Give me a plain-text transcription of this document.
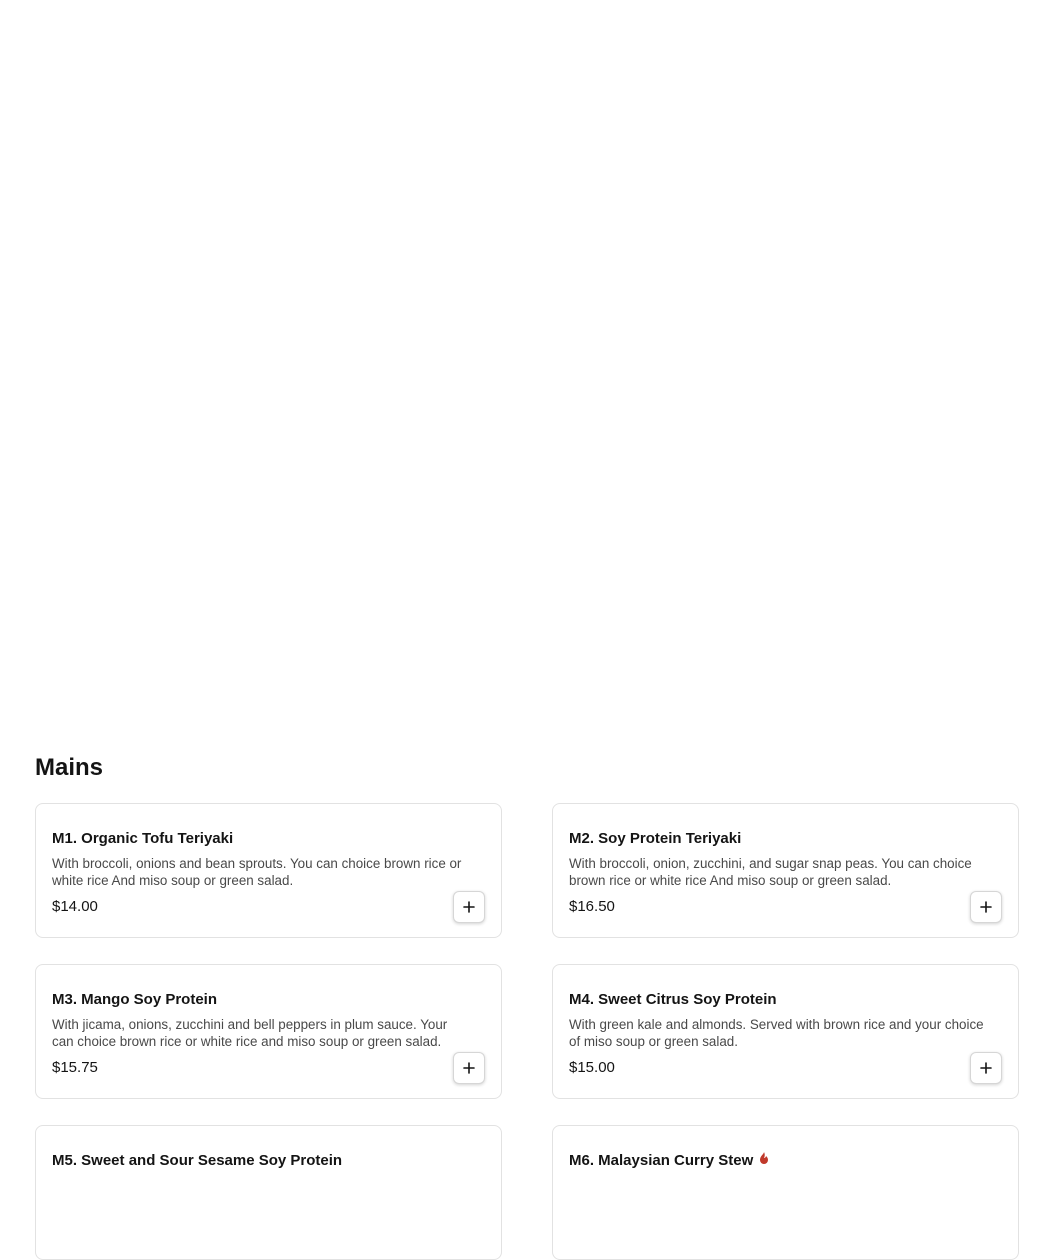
Mains
M1. Organic Tofu Teriyaki
With broccoli, onions and bean sprouts. You can choice brown rice or white rice And miso soup or green salad.
$14.00
M2. Soy Protein Teriyaki
With broccoli, onion, zucchini, and sugar snap peas. You can choice brown rice or white rice And miso soup or green salad.
$16.50
M3. Mango Soy Protein
With jicama, onions, zucchini and bell peppers in plum sauce. Your can choice brown rice or white rice and miso soup or green salad.
$15.75
M4. Sweet Citrus Soy Protein
With green kale and almonds. Served with brown rice and your choice of miso soup or green salad.
$15.00
M5. Sweet and Sour Sesame Soy Protein	M6. Malaysian Curry Stew
